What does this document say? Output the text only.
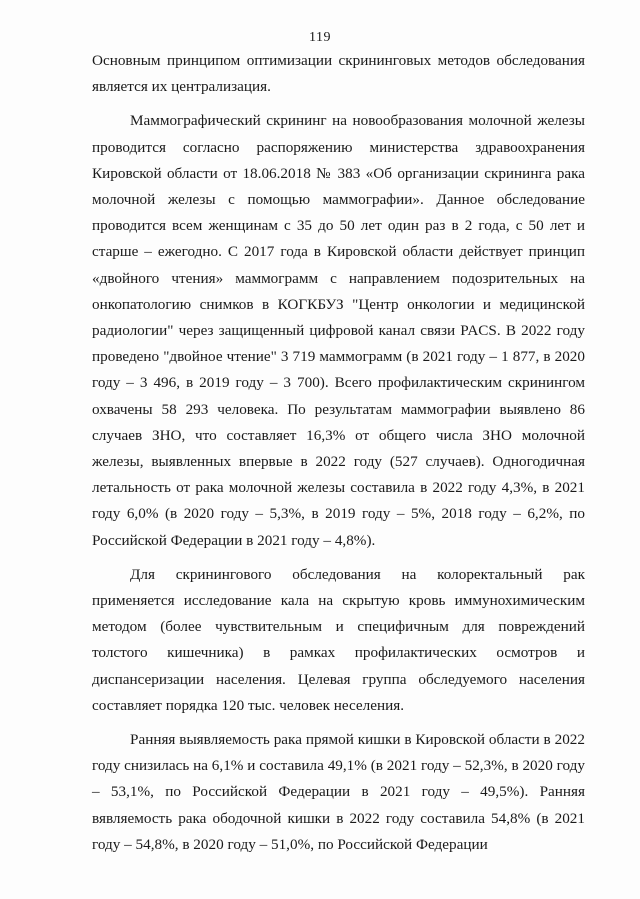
119

Основным принципом оптимизации скрининговых методов обследования является их централизация.

Маммографический скрининг на новообразования молочной железы проводится согласно распоряжению министерства здравоохранения Кировской области от 18.06.2018 № 383 «Об организации скрининга рака молочной железы с помощью маммографии». Данное обследование проводится всем женщинам с 35 до 50 лет один раз в 2 года, с 50 лет и старше – ежегодно. С 2017 года в Кировской области действует принцип «двойного чтения» маммограмм с направлением подозрительных на онкопатологию снимков в КОГКБУЗ "Центр онкологии и медицинской радиологии" через защищенный цифровой канал связи PACS. В 2022 году проведено "двойное чтение" 3 719 маммограмм (в 2021 году – 1 877, в 2020 году – 3 496, в 2019 году – 3 700). Всего профилактическим скринингом охвачены 58 293 человека. По результатам маммографии выявлено 86 случаев ЗНО, что составляет 16,3% от общего числа ЗНО молочной железы, выявленных впервые в 2022 году (527 случаев). Одногодичная летальность от рака молочной железы составила в 2022 году 4,3%, в 2021 году 6,0% (в 2020 году – 5,3%, в 2019 году – 5%, 2018 году – 6,2%, по Российской Федерации в 2021 году – 4,8%).

Для скринингового обследования на колоректальный рак применяется исследование кала на скрытую кровь иммунохимическим методом (более чувствительным и специфичным для повреждений толстого кишечника) в рамках профилактических осмотров и диспансеризации населения. Целевая группа обследуемого населения составляет порядка 120 тыс. человек неселения.

Ранняя выявляемость рака прямой кишки в Кировской области в 2022 году снизилась на 6,1% и составила 49,1% (в 2021 году – 52,3%, в 2020 году – 53,1%, по Российской Федерации в 2021 году – 49,5%). Ранняя вявляемость рака ободочной кишки в 2022 году составила 54,8% (в 2021 году – 54,8%, в 2020 году – 51,0%, по Российской Федерации
